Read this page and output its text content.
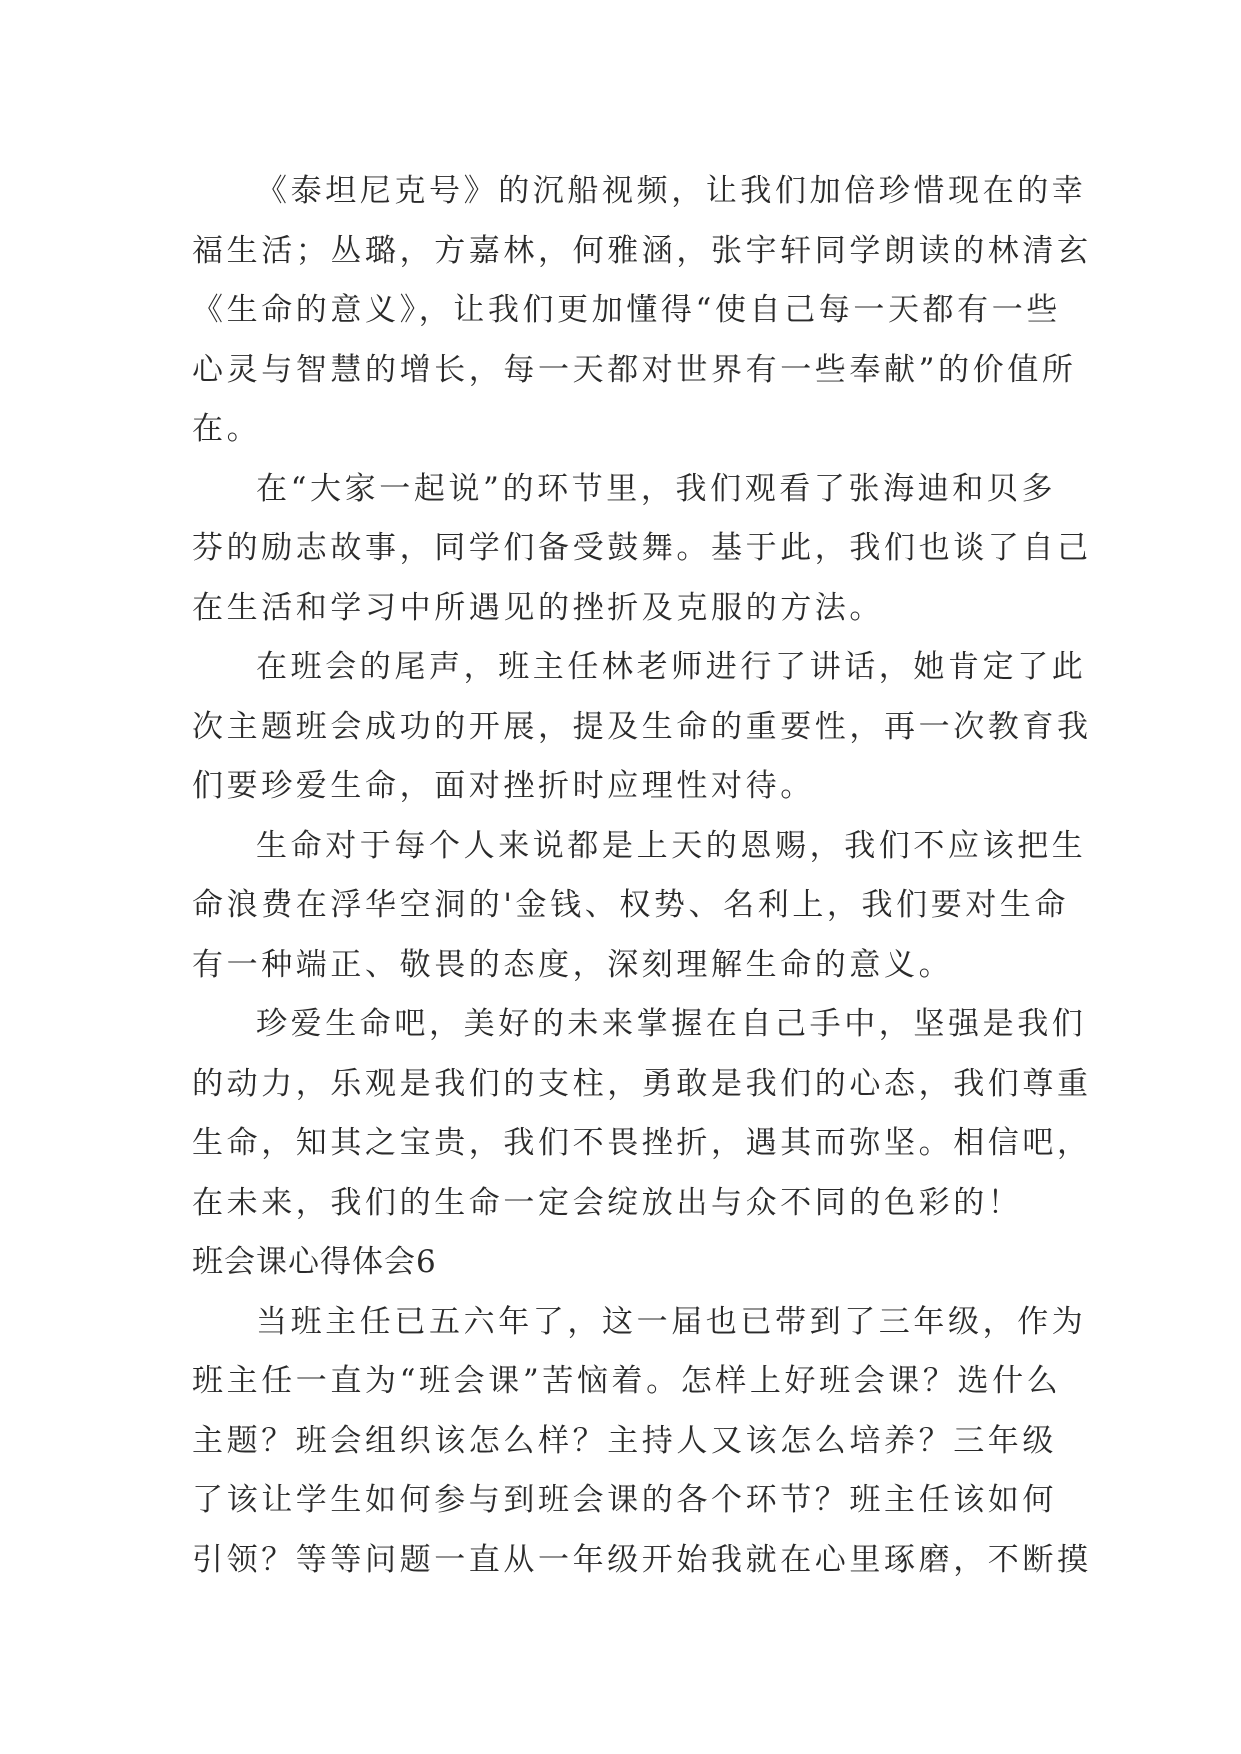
《泰坦尼克号》的沉船视频，让我们加倍珍惜现在的幸
福生活；丛璐，方嘉林，何雅涵，张宇轩同学朗读的林清玄
《生命的意义》，让我们更加懂得“使自己每一天都有一些
心灵与智慧的增长，每一天都对世界有一些奉献”的价值所
在。
在“大家一起说”的环节里，我们观看了张海迪和贝多
芬的励志故事，同学们备受鼓舞。基于此，我们也谈了自己
在生活和学习中所遇见的挫折及克服的方法。
在班会的尾声，班主任林老师进行了讲话，她肯定了此
次主题班会成功的开展，提及生命的重要性，再一次教育我
们要珍爱生命，面对挫折时应理性对待。
生命对于每个人来说都是上天的恩赐，我们不应该把生
命浪费在浮华空洞的'金钱、权势、名利上，我们要对生命
有一种端正、敬畏的态度，深刻理解生命的意义。
珍爱生命吧，美好的未来掌握在自己手中，坚强是我们
的动力，乐观是我们的支柱，勇敢是我们的心态，我们尊重
生命，知其之宝贵，我们不畏挫折，遇其而弥坚。相信吧，
在未来，我们的生命一定会绽放出与众不同的色彩的！
班会课心得体会6
当班主任已五六年了，这一届也已带到了三年级，作为
班主任一直为“班会课”苦恼着。怎样上好班会课？选什么
主题？班会组织该怎么样？主持人又该怎么培养？三年级
了该让学生如何参与到班会课的各个环节？班主任该如何
引领？等等问题一直从一年级开始我就在心里琢磨，不断摸
